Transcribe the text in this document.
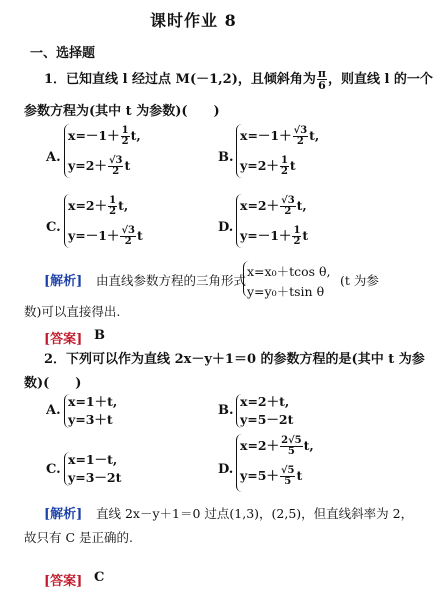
课时作业 8
一、选择题
1．已知直线 l 经过点 M(－1,2)，且倾斜角为 $\frac{\pi}{6}$ ，则直线 l 的一个
参数方程为(其中 t 为参数)(　　)
A.
$x=-1+ \frac{1}{2} t$,
$y=2+ \frac{√3}{2}$ t
B.
$x=-1+ \frac{√3}{2} t$,
$y=2+ \frac{1}{2}$ t
C.
$x=2+ \frac{1}{2} t$,
$y=-1+ \frac{√3}{2}$ t
D.
$x=2+ \frac{√3}{2} t$,
$y=-1+ \frac{1}{2}$ t
[解析] 由直线参数方程的三角形式
x=x₀＋tcos θ,
y=y₀＋tsin θ
(t 为参
数)可以直接得出.
[答案] B
2．下列可以作为直线 2x－y＋1＝0 的参数方程的是(其中 t 为参
数)(　　)
A.
x=1＋t,
y=3＋t
B.
x=2＋t,
y=5－2t
C.
x=1－t,
y=3－2t
D.
$x=2+ \frac{2√5}{5} t$,
$y=5+ \frac{√5}{5}$ t
[解析] 直线 2x－y＋1＝0 过点(1,3)，(2,5)，但直线斜率为 2，
故只有 C 是正确的.
[答案] C
